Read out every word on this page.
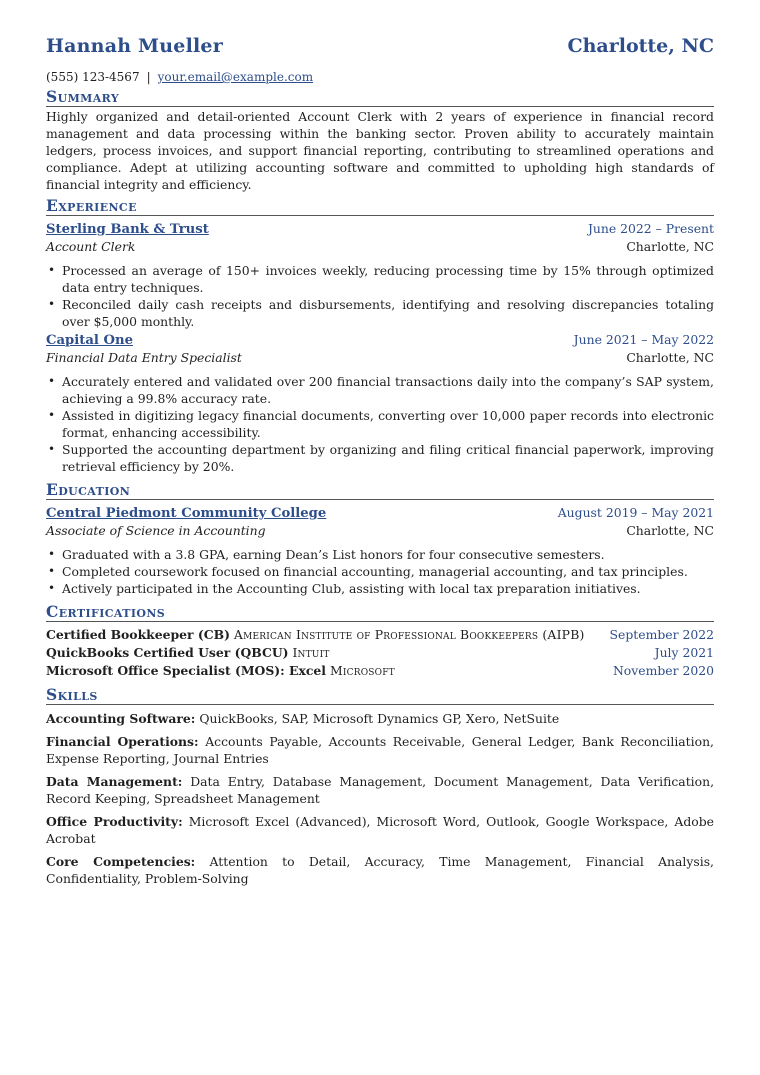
Hannah Mueller	Charlotte, NC
(555) 123-4567 | your.email@example.com
Summary
Highly organized and detail-oriented Account Clerk with 2 years of experience in financial record management and data processing within the banking sector. Proven ability to accurately maintain ledgers, process invoices, and support financial reporting, contributing to streamlined operations and compliance. Adept at utilizing accounting software and committed to upholding high standards of financial integrity and efficiency.
Experience
Sterling Bank & Trust	June 2022 – Present
Account Clerk	Charlotte, NC
• Processed an average of 150+ invoices weekly, reducing processing time by 15% through optimized data entry techniques.
• Reconciled daily cash receipts and disbursements, identifying and resolving discrepancies totaling over $5,000 monthly.
Capital One	June 2021 – May 2022
Financial Data Entry Specialist	Charlotte, NC
• Accurately entered and validated over 200 financial transactions daily into the company’s SAP system, achieving a 99.8% accuracy rate.
• Assisted in digitizing legacy financial documents, converting over 10,000 paper records into electronic format, enhancing accessibility.
• Supported the accounting department by organizing and filing critical financial paperwork, improving retrieval efficiency by 20%.
Education
Central Piedmont Community College	August 2019 – May 2021
Associate of Science in Accounting	Charlotte, NC
• Graduated with a 3.8 GPA, earning Dean’s List honors for four consecutive semesters.
• Completed coursework focused on financial accounting, managerial accounting, and tax principles.
• Actively participated in the Accounting Club, assisting with local tax preparation initiatives.
Certifications
Certified Bookkeeper (CB) American Institute of Professional Bookkeepers (AIPB) September 2022
QuickBooks Certified User (QBCU) Intuit	July 2021
Microsoft Office Specialist (MOS): Excel Microsoft	November 2020
Skills
Accounting Software: QuickBooks, SAP, Microsoft Dynamics GP, Xero, NetSuite
Financial Operations: Accounts Payable, Accounts Receivable, General Ledger, Bank Reconciliation, Expense Reporting, Journal Entries
Data Management: Data Entry, Database Management, Document Management, Data Verification, Record Keeping, Spreadsheet Management
Office Productivity: Microsoft Excel (Advanced), Microsoft Word, Outlook, Google Workspace, Adobe Acrobat
Core Competencies: Attention to Detail, Accuracy, Time Management, Financial Analysis, Confidentiality, Problem-Solving
